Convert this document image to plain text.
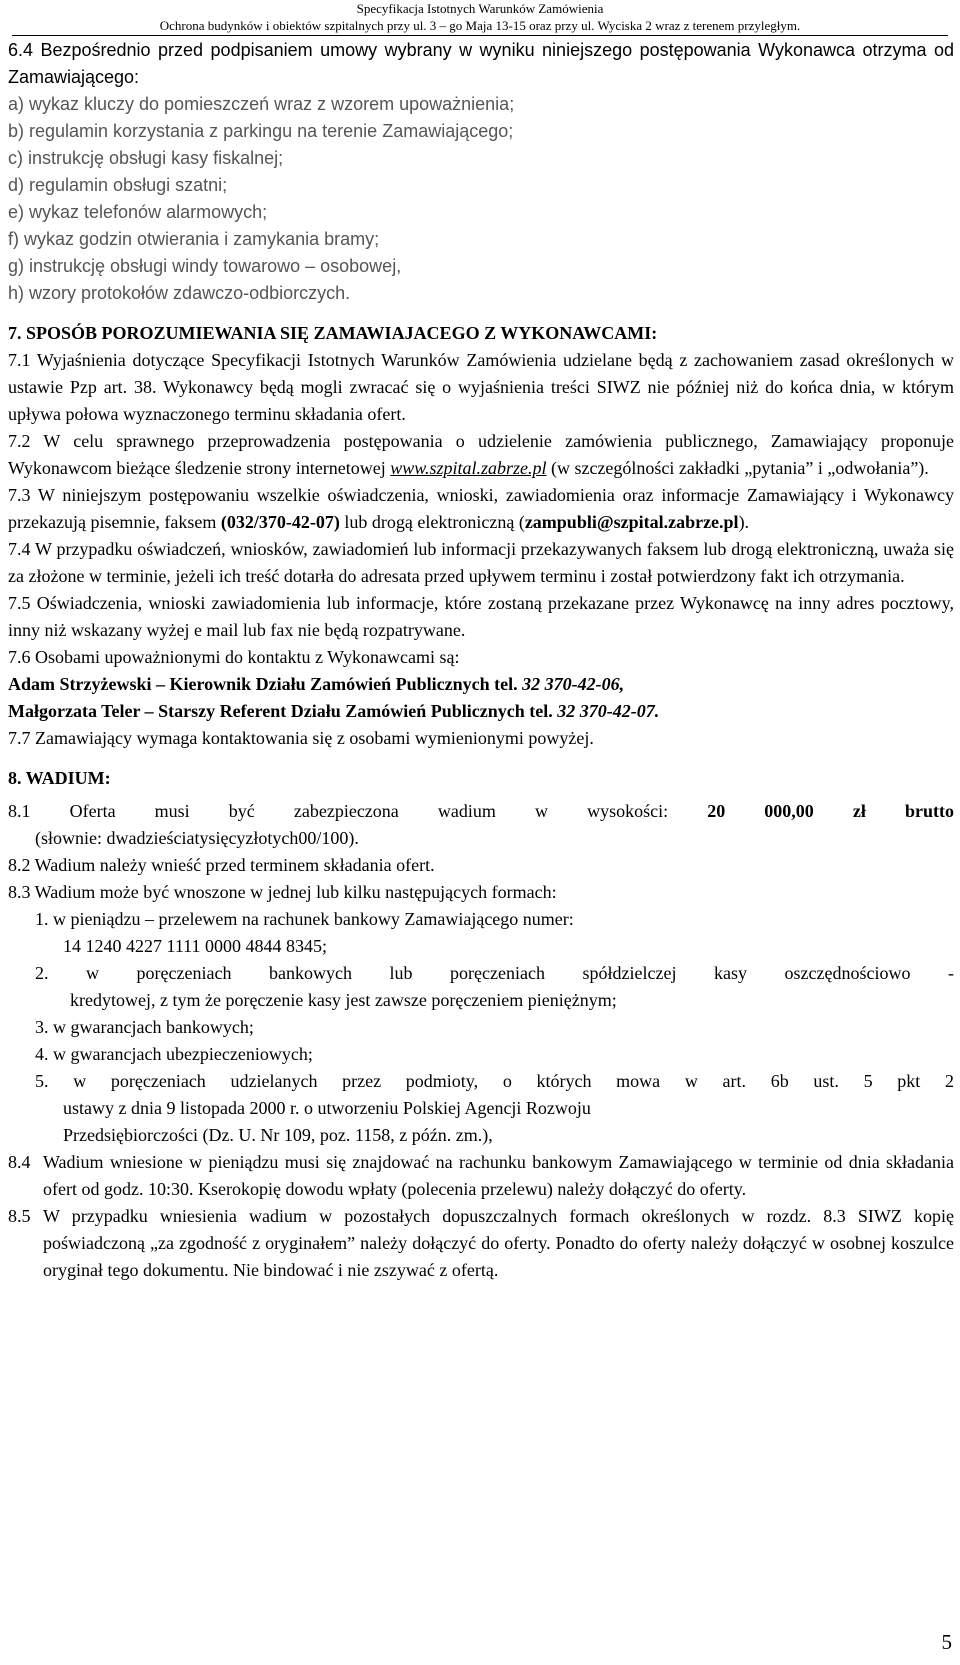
Specyfikacja Istotnych Warunków Zamówienia
Ochrona budynków i obiektów szpitalnych przy ul. 3 – go Maja 13-15 oraz przy ul. Wyciska 2 wraz z terenem przyległym.

6.4 Bezpośrednio przed podpisaniem umowy wybrany w wyniku niniejszego postępowania Wykonawca otrzyma od Zamawiającego:

a) wykaz kluczy do pomieszczeń wraz z wzorem upoważnienia;

b) regulamin korzystania z parkingu na terenie Zamawiającego;

c) instrukcję obsługi kasy fiskalnej;

d) regulamin obsługi szatni;

e) wykaz telefonów alarmowych;

f) wykaz godzin otwierania i zamykania bramy;

g) instrukcję obsługi windy towarowo – osobowej,

h) wzory protokołów zdawczo-odbiorczych.

7. SPOSÓB POROZUMIEWANIA SIĘ ZAMAWIAJACEGO Z WYKONAWCAMI:

7.1 Wyjaśnienia dotyczące Specyfikacji Istotnych Warunków Zamówienia udzielane będą z zachowaniem zasad określonych w ustawie Pzp art. 38. Wykonawcy będą mogli zwracać się o wyjaśnienia treści SIWZ nie później niż do końca dnia, w którym upływa połowa wyznaczonego terminu składania ofert.

7.2 W celu sprawnego przeprowadzenia postępowania o udzielenie zamówienia publicznego, Zamawiający proponuje Wykonawcom bieżące śledzenie strony internetowej www.szpital.zabrze.pl (w szczególności zakładki „pytania” i „odwołania”).

7.3 W niniejszym postępowaniu wszelkie oświadczenia, wnioski, zawiadomienia oraz informacje Zamawiający i Wykonawcy przekazują pisemnie, faksem (032/370-42-07) lub drogą elektroniczną (zampubli@szpital.zabrze.pl).

7.4 W przypadku oświadczeń, wniosków, zawiadomień lub informacji przekazywanych faksem lub drogą elektroniczną, uważa się za złożone w terminie, jeżeli ich treść dotarła do adresata przed upływem terminu i został potwierdzony fakt ich otrzymania.

7.5 Oświadczenia, wnioski zawiadomienia lub informacje, które zostaną przekazane przez Wykonawcę na inny adres pocztowy, inny niż wskazany wyżej e mail lub fax nie będą rozpatrywane.

7.6 Osobami upoważnionymi do kontaktu z Wykonawcami są:

Adam Strzyżewski – Kierownik Działu Zamówień Publicznych tel. 32 370-42-06,

Małgorzata Teler – Starszy Referent Działu Zamówień Publicznych tel. 32 370-42-07.

7.7 Zamawiający wymaga kontaktowania się z osobami wymienionymi powyżej.

8. WADIUM:

8.1 Oferta musi być zabezpieczona wadium w wysokości: 20 000,00 zł brutto

(słownie: dwadzieściatysięcyzłotych00/100).

8.2 Wadium należy wnieść przed terminem składania ofert.

8.3 Wadium może być wnoszone w jednej lub kilku następujących formach:

1. w pieniądzu – przelewem na rachunek bankowy Zamawiającego numer:

14 1240 4227 1111 0000 4844 8345;

2. w poręczeniach bankowych lub poręczeniach spółdzielczej kasy oszczędnościowo -

kredytowej, z tym że poręczenie kasy jest zawsze poręczeniem pieniężnym;

3. w gwarancjach bankowych;

4. w gwarancjach ubezpieczeniowych;

5. w poręczeniach udzielanych przez podmioty, o których mowa w art. 6b ust. 5 pkt 2

ustawy z dnia 9 listopada 2000 r. o utworzeniu Polskiej Agencji Rozwoju

Przedsiębiorczości (Dz. U. Nr 109, poz. 1158, z późn. zm.),

8.4 Wadium wniesione w pieniądzu musi się znajdować na rachunku bankowym Zamawiającego w terminie od dnia składania ofert od godz. 10:30. Kserokopię dowodu wpłaty (polecenia przelewu) należy dołączyć do oferty.
8.5 W przypadku wniesienia wadium w pozostałych dopuszczalnych formach określonych w rozdz. 8.3 SIWZ kopię poświadczoną „za zgodność z oryginałem” należy dołączyć do oferty. Ponadto do oferty należy dołączyć w osobnej koszulce oryginał tego dokumentu. Nie bindować i nie zszywać z ofertą.
5
